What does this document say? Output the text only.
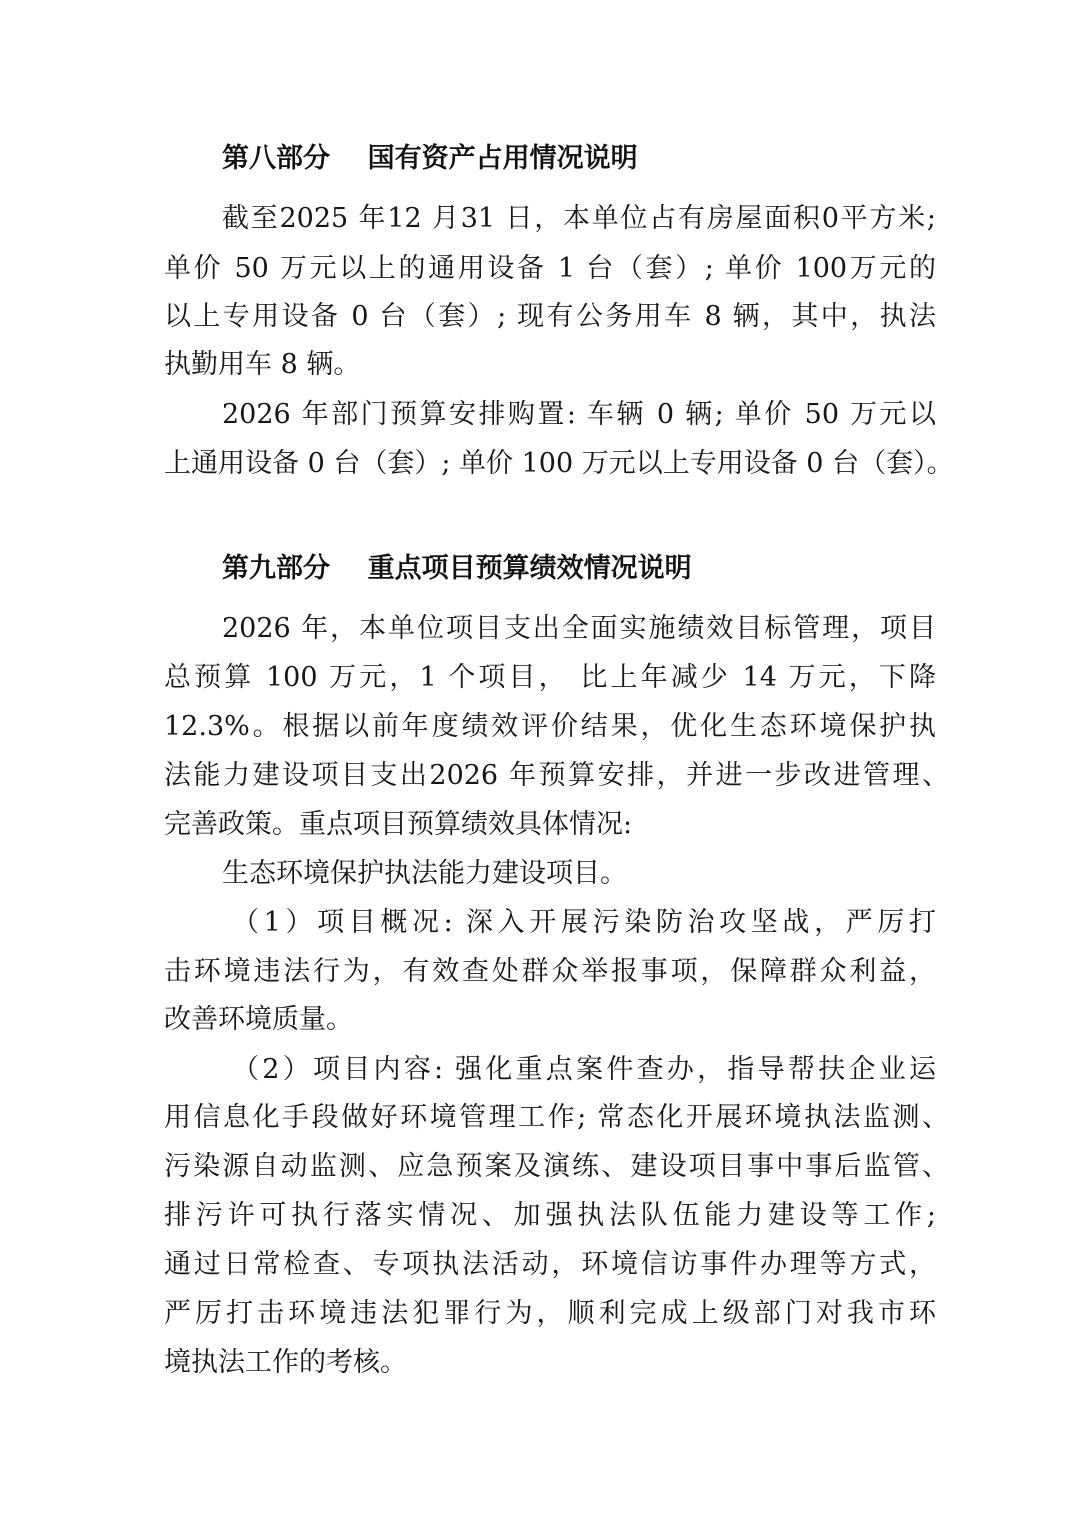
第八部分    国有资产占用情况说明
截至2025 年12 月31 日，本单位占有房屋面积0平方米;
单价 50 万元以上的通用设备 1 台（套）; 单价 100万元的
以上专用设备 0 台（套）; 现有公务用车 8 辆，其中，执法
执勤用车 8 辆。
2026 年部门预算安排购置: 车辆 0 辆; 单价 50 万元以
上通用设备 0 台（套）; 单价 100 万元以上专用设备 0 台（套）。
第九部分    重点项目预算绩效情况说明
2026 年，本单位项目支出全面实施绩效目标管理，项目
总预算 100 万元，1 个项目， 比上年减少 14 万元，下降
12.3%。根据以前年度绩效评价结果，优化生态环境保护执
法能力建设项目支出2026 年预算安排，并进一步改进管理、
完善政策。重点项目预算绩效具体情况:
生态环境保护执法能力建设项目。
（1）项目概况: 深入开展污染防治攻坚战，严厉打
击环境违法行为，有效查处群众举报事项，保障群众利益，
改善环境质量。
（2）项目内容: 强化重点案件查办，指导帮扶企业运
用信息化手段做好环境管理工作; 常态化开展环境执法监测、
污染源自动监测、应急预案及演练、建设项目事中事后监管、
排污许可执行落实情况、加强执法队伍能力建设等工作;
通过日常检查、专项执法活动，环境信访事件办理等方式，
严厉打击环境违法犯罪行为，顺利完成上级部门对我市环
境执法工作的考核。
